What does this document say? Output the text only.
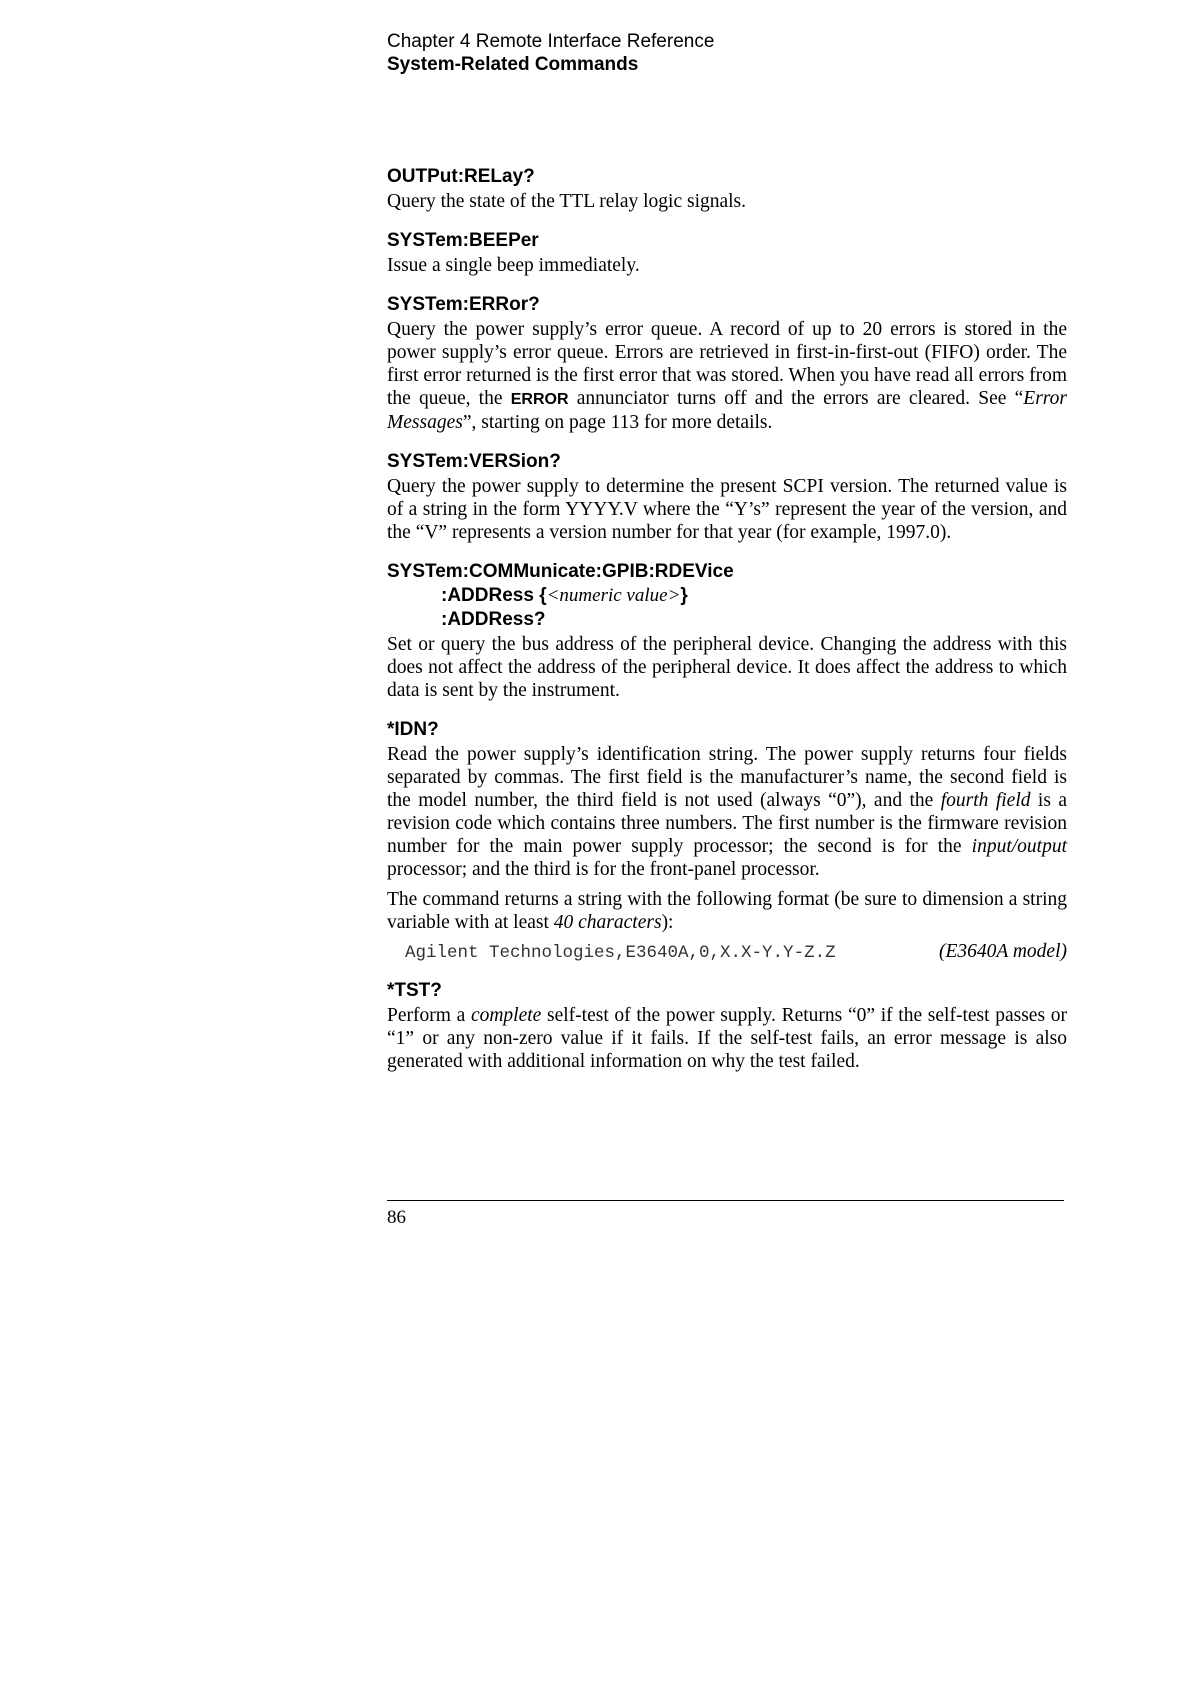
Chapter 4 Remote Interface Reference

System-Related Commands

OUTPut:RELay?

Query the state of the TTL relay logic signals.

SYSTem:BEEPer

Issue a single beep immediately.

SYSTem:ERRor?

Query the power supply’s error queue. A record of up to 20 errors is stored in the power supply’s error queue. Errors are retrieved in first-in-first-out (FIFO) order. The first error returned is the first error that was stored. When you have read all errors from the queue, the ERROR annunciator turns off and the errors are cleared. See “Error Messages”, starting on page 113 for more details.

SYSTem:VERSion?

Query the power supply to determine the present SCPI version. The returned value is of a string in the form YYYY.V where the “Y’s” represent the year of the version, and the “V” represents a version number for that year (for example, 1997.0).

SYSTem:COMMunicate:GPIB:RDEVice

:ADDRess {<numeric value>}

:ADDRess?

Set or query the bus address of the peripheral device. Changing the address with this does not affect the address of the peripheral device. It does affect the address to which data is sent by the instrument.

*IDN?

Read the power supply’s identification string. The power supply returns four fields separated by commas. The first field is the manufacturer’s name, the second field is the model number, the third field is not used (always “0”), and the fourth field is a revision code which contains three numbers. The first number is the firmware revision number for the main power supply processor; the second is for the input/output processor; and the third is for the front-panel processor.

The command returns a string with the following format (be sure to dimension a string variable with at least 40 characters):

Agilent Technologies,E3640A,0,X.X-Y.Y-Z.Z	(E3640A model)

*TST?

Perform a complete self-test of the power supply. Returns “0” if the self-test passes or “1” or any non-zero value if it fails. If the self-test fails, an error message is also generated with additional information on why the test failed.

86
